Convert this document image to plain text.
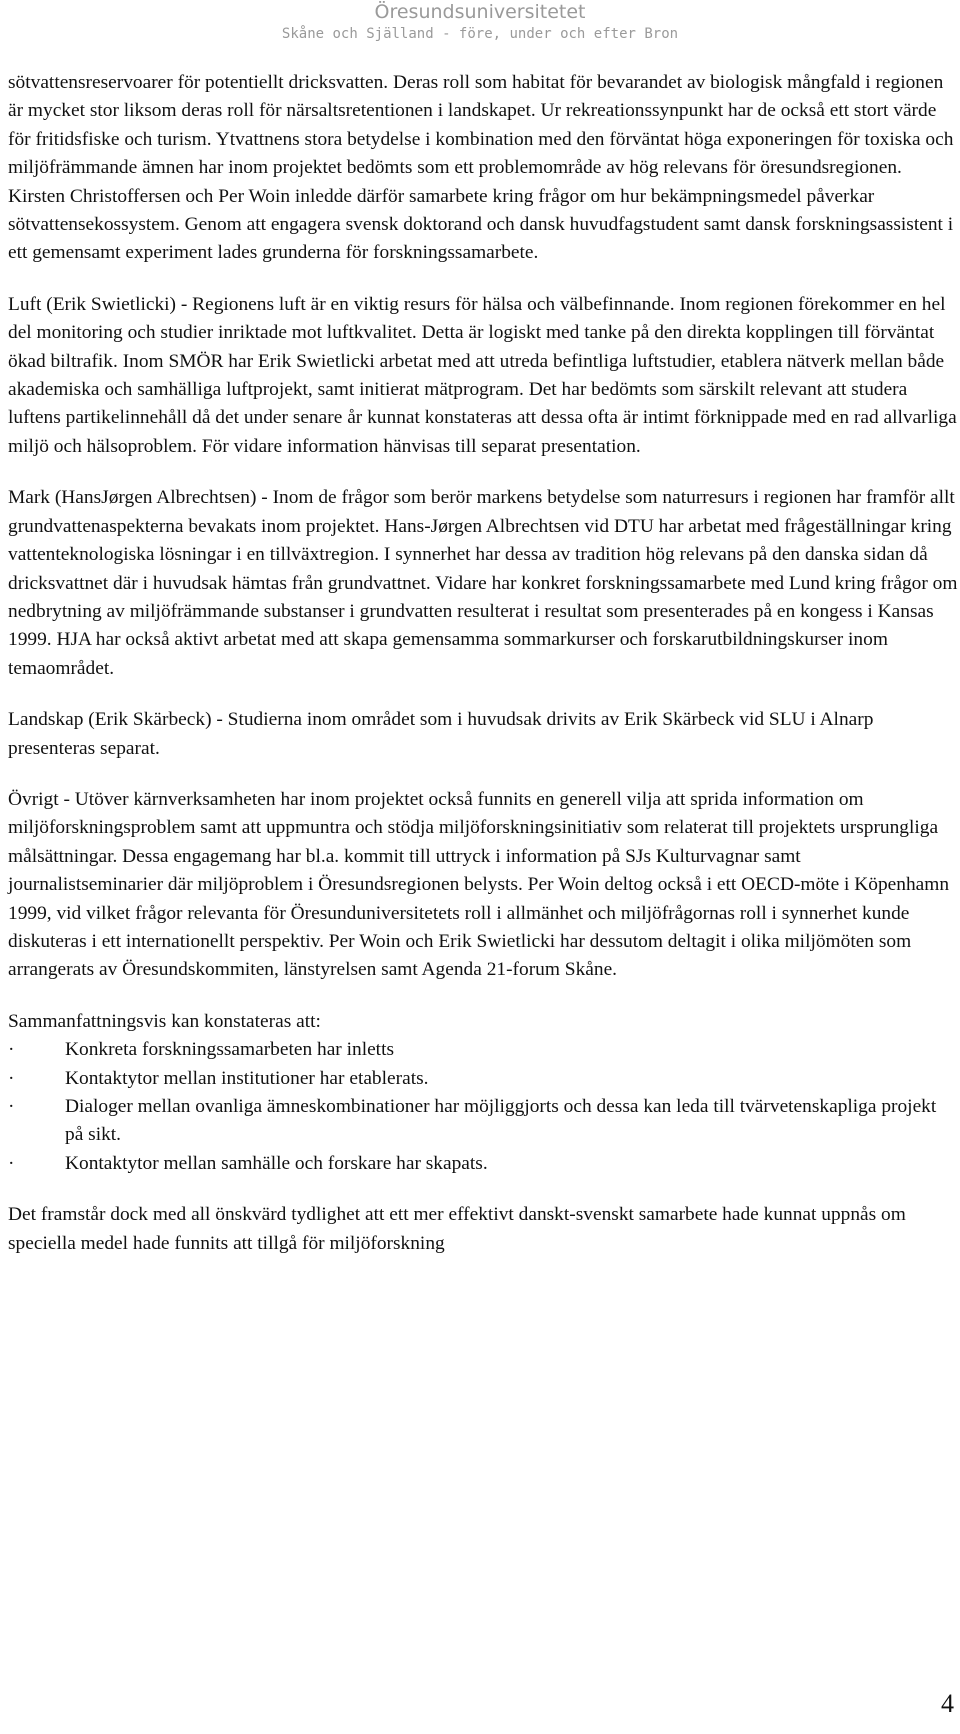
Öresundsuniversitetet
Skåne och Själland - före, under och efter Bron

sötvattensreservoarer för potentiellt dricksvatten. Deras roll som habitat för bevarandet av biologisk mångfald i regionen är mycket stor liksom deras roll för närsaltsretentionen i landskapet. Ur rekreationssynpunkt har de också ett stort värde för fritidsfiske och turism. Ytvattnens stora betydelse i kombination med den förväntat höga exponeringen för toxiska och miljöfrämmande ämnen har inom projektet bedömts som ett problemområde av hög relevans för öresundsregionen. Kirsten Christoffersen och Per Woin inledde därför samarbete kring frågor om hur bekämpningsmedel påverkar sötvattensekossystem. Genom att engagera svensk doktorand och dansk huvudfagstudent samt dansk forskningsassistent i ett gemensamt experiment lades grunderna för forskningssamarbete.

Luft (Erik Swietlicki) - Regionens luft är en viktig resurs för hälsa och välbefinnande. Inom regionen förekommer en hel del monitoring och studier inriktade mot luftkvalitet. Detta är logiskt med tanke på den direkta kopplingen till förväntat ökad biltrafik. Inom SMÖR har Erik Swietlicki arbetat med att utreda befintliga luftstudier, etablera nätverk mellan både akademiska och samhälliga luftprojekt, samt initierat mätprogram. Det har bedömts som särskilt relevant att studera luftens partikelinnehåll då det under senare år kunnat konstateras att dessa ofta är intimt förknippade med en rad allvarliga miljö och hälsoproblem. För vidare information hänvisas till separat presentation.

Mark (HansJørgen Albrechtsen) - Inom de frågor som berör markens betydelse som naturresurs i regionen har framför allt grundvattenaspekterna bevakats inom projektet. Hans-Jørgen Albrechtsen vid DTU har arbetat med frågeställningar kring vattenteknologiska lösningar i en tillväxtregion. I synnerhet har dessa av tradition hög relevans på den danska sidan då dricksvattnet där i huvudsak hämtas från grundvattnet. Vidare har konkret forskningssamarbete med Lund kring frågor om nedbrytning av miljöfrämmande substanser i grundvatten resulterat i resultat som presenterades på en kongess i Kansas 1999. HJA har också aktivt arbetat med att skapa gemensamma sommarkurser och forskarutbildningskurser inom temaområdet.

Landskap (Erik Skärbeck) - Studierna inom området som i huvudsak drivits av Erik Skärbeck vid SLU i Alnarp presenteras separat.

Övrigt - Utöver kärnverksamheten har inom projektet också funnits en generell vilja att sprida information om miljöforskningsproblem samt att uppmuntra och stödja miljöforskningsinitiativ som relaterat till projektets ursprungliga målsättningar. Dessa engagemang har bl.a. kommit till uttryck i information på SJs Kulturvagnar samt journalistseminarier där miljöproblem i Öresundsregionen belysts. Per Woin deltog också i ett OECD-möte i Köpenhamn 1999, vid vilket frågor relevanta för Öresunduniversitetets roll i allmänhet och miljöfrågornas roll i synnerhet kunde diskuteras i ett internationellt perspektiv. Per Woin och Erik Swietlicki har dessutom deltagit i olika miljömöten som arrangerats av Öresundskommiten, länstyrelsen samt Agenda 21-forum Skåne.

Sammanfattningsvis kan konstateras att:

·	Konkreta forskningssamarbeten har inletts
·	Kontaktytor mellan institutioner har etablerats.
·	Dialoger mellan ovanliga ämneskombinationer har möjliggjorts och dessa kan leda till tvärvetenskapliga projekt på sikt.
·	Kontaktytor mellan samhälle och forskare har skapats.

Det framstår dock med all önskvärd tydlighet att ett mer effektivt danskt-svenskt samarbete hade kunnat uppnås om speciella medel hade funnits att tillgå för miljöforskning

4
